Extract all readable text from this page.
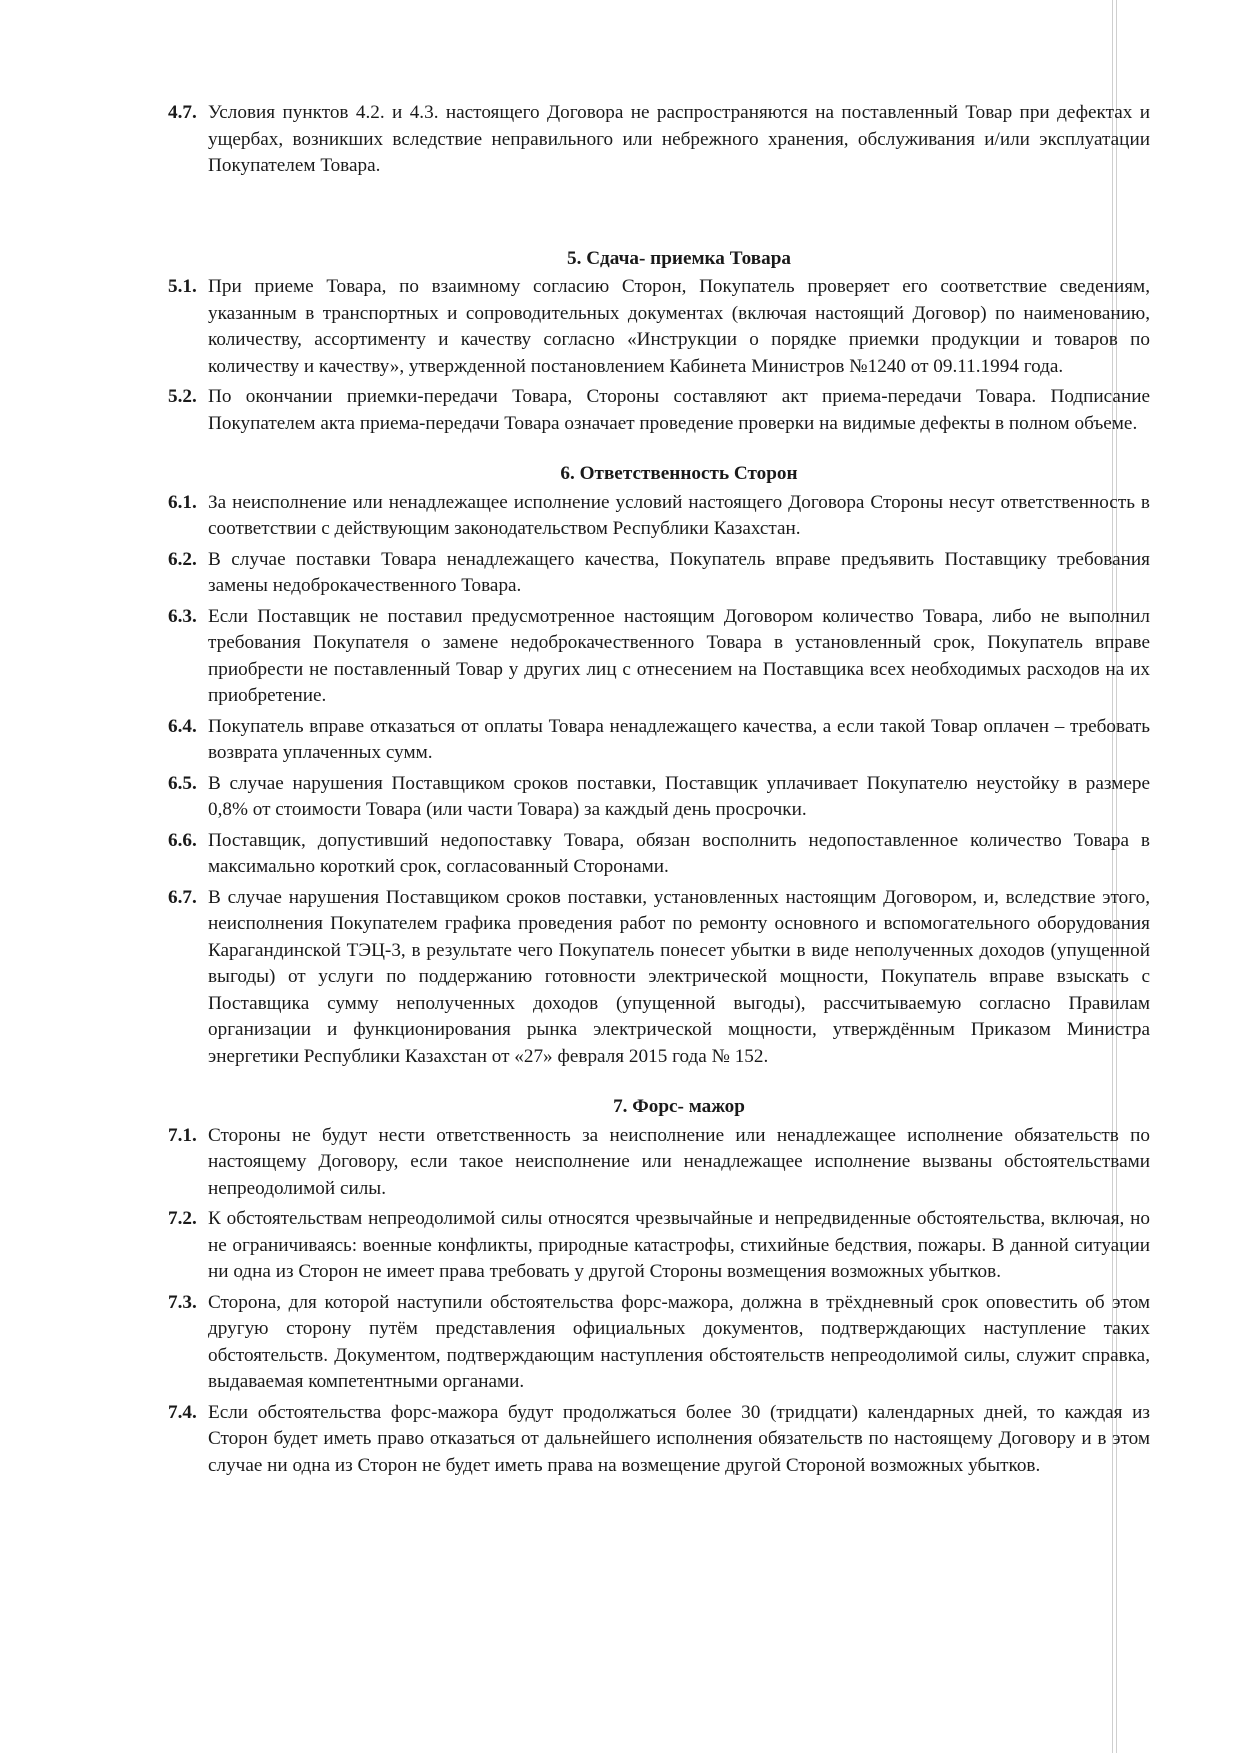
4.7. Условия пунктов 4.2. и 4.3. настоящего Договора не распространяются на поставленный Товар при дефектах и ущербах, возникших вследствие неправильного или небрежного хранения, обслуживания и/или эксплуатации Покупателем Товара.
5. Сдача- приемка Товара
5.1. При приеме Товара, по взаимному согласию Сторон, Покупатель проверяет его соответствие сведениям, указанным в транспортных и сопроводительных документах (включая настоящий Договор) по наименованию, количеству, ассортименту и качеству согласно «Инструкции о порядке приемки продукции и товаров по количеству и качеству», утвержденной постановлением Кабинета Министров №1240 от 09.11.1994 года.
5.2. По окончании приемки-передачи Товара, Стороны составляют акт приема-передачи Товара. Подписание Покупателем акта приема-передачи Товара означает проведение проверки на видимые дефекты в полном объеме.
6. Ответственность Сторон
6.1. За неисполнение или ненадлежащее исполнение условий настоящего Договора Стороны несут ответственность в соответствии с действующим законодательством Республики Казахстан.
6.2. В случае поставки Товара ненадлежащего качества, Покупатель вправе предъявить Поставщику требования замены недоброкачественного Товара.
6.3. Если Поставщик не поставил предусмотренное настоящим Договором количество Товара, либо не выполнил требования Покупателя о замене недоброкачественного Товара в установленный срок, Покупатель вправе приобрести не поставленный Товар у других лиц с отнесением на Поставщика всех необходимых расходов на их приобретение.
6.4. Покупатель вправе отказаться от оплаты Товара ненадлежащего качества, а если такой Товар оплачен – требовать возврата уплаченных сумм.
6.5. В случае нарушения Поставщиком сроков поставки, Поставщик уплачивает Покупателю неустойку в размере 0,8% от стоимости Товара (или части Товара) за каждый день просрочки.
6.6. Поставщик, допустивший недопоставку Товара, обязан восполнить недопоставленное количество Товара в максимально короткий срок, согласованный Сторонами.
6.7. В случае нарушения Поставщиком сроков поставки, установленных настоящим Договором, и, вследствие этого, неисполнения Покупателем графика проведения работ по ремонту основного и вспомогательного оборудования Карагандинской ТЭЦ-3, в результате чего Покупатель понесет убытки в виде неполученных доходов (упущенной выгоды) от услуги по поддержанию готовности электрической мощности, Покупатель вправе взыскать с Поставщика сумму неполученных доходов (упущенной выгоды), рассчитываемую согласно Правилам организации и функционирования рынка электрической мощности, утверждённым Приказом Министра энергетики Республики Казахстан от «27» февраля 2015 года № 152.
7. Форс- мажор
7.1. Стороны не будут нести ответственность за неисполнение или ненадлежащее исполнение обязательств по настоящему Договору, если такое неисполнение или ненадлежащее исполнение вызваны обстоятельствами непреодолимой силы.
7.2. К обстоятельствам непреодолимой силы относятся чрезвычайные и непредвиденные обстоятельства, включая, но не ограничиваясь: военные конфликты, природные катастрофы, стихийные бедствия, пожары. В данной ситуации ни одна из Сторон не имеет права требовать у другой Стороны возмещения возможных убытков.
7.3. Сторона, для которой наступили обстоятельства форс-мажора, должна в трёхдневный срок оповестить об этом другую сторону путём представления официальных документов, подтверждающих наступление таких обстоятельств. Документом, подтверждающим наступления обстоятельств непреодолимой силы, служит справка, выдаваемая компетентными органами.
7.4. Если обстоятельства форс-мажора будут продолжаться более 30 (тридцати) календарных дней, то каждая из Сторон будет иметь право отказаться от дальнейшего исполнения обязательств по настоящему Договору и в этом случае ни одна из Сторон не будет иметь права на возмещение другой Стороной возможных убытков.
